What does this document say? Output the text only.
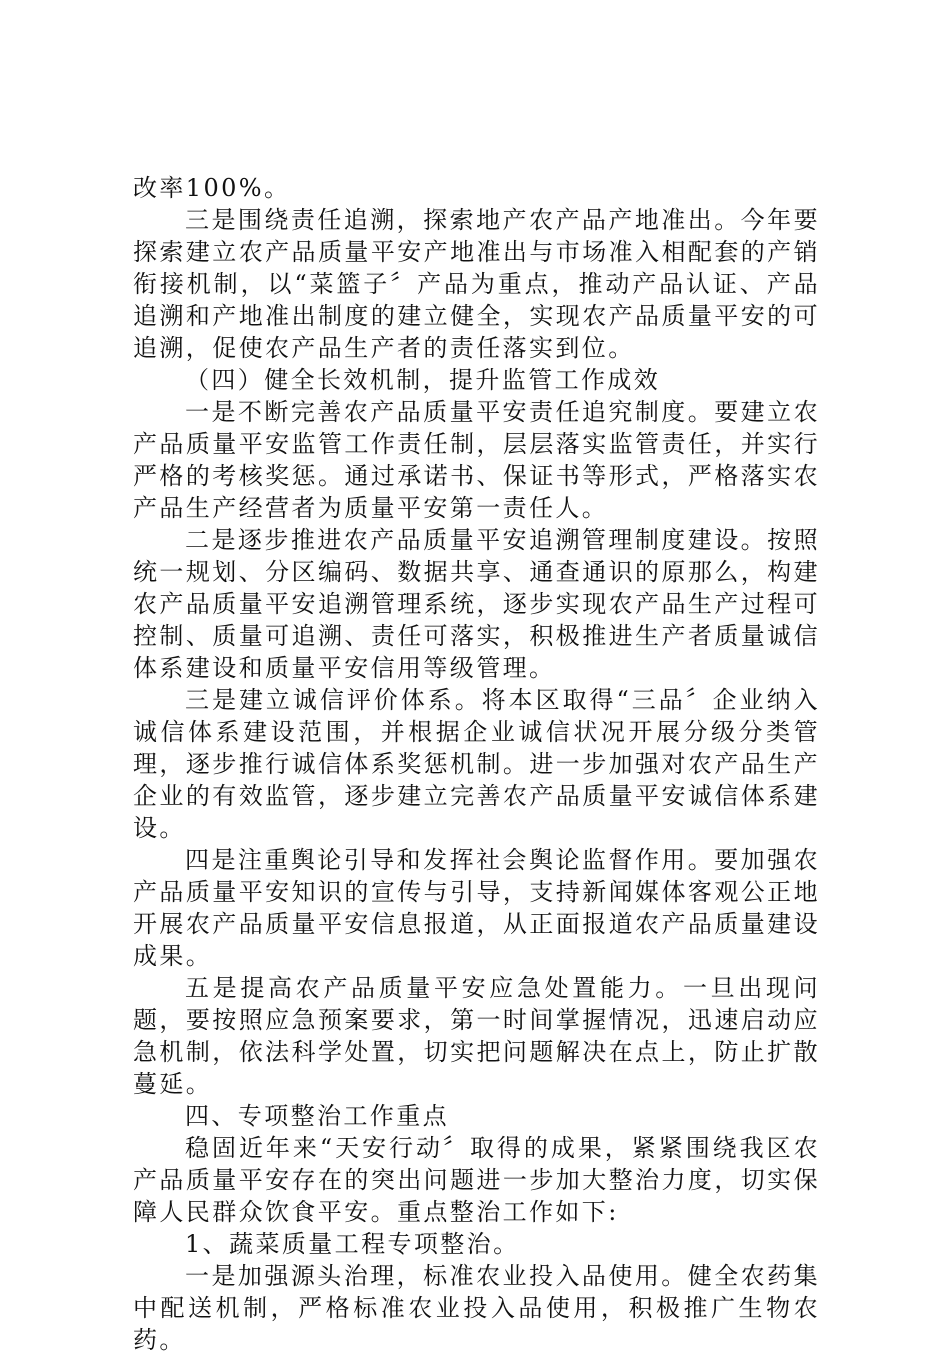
改率100%。

三是围绕责任追溯，探索地产农产品产地准出。今年要探索建立农产品质量平安产地准出与市场准入相配套的产销衔接机制，以“菜篮子〞产品为重点，推动产品认证、产品追溯和产地准出制度的建立健全，实现农产品质量平安的可追溯，促使农产品生产者的责任落实到位。

（四）健全长效机制，提升监管工作成效

一是不断完善农产品质量平安责任追究制度。要建立农产品质量平安监管工作责任制，层层落实监管责任，并实行严格的考核奖惩。通过承诺书、保证书等形式，严格落实农产品生产经营者为质量平安第一责任人。

二是逐步推进农产品质量平安追溯管理制度建设。按照统一规划、分区编码、数据共享、通查通识的原那么，构建农产品质量平安追溯管理系统，逐步实现农产品生产过程可控制、质量可追溯、责任可落实，积极推进生产者质量诚信体系建设和质量平安信用等级管理。

三是建立诚信评价体系。将本区取得“三品〞企业纳入诚信体系建设范围，并根据企业诚信状况开展分级分类管理，逐步推行诚信体系奖惩机制。进一步加强对农产品生产企业的有效监管，逐步建立完善农产品质量平安诚信体系建设。

四是注重舆论引导和发挥社会舆论监督作用。要加强农产品质量平安知识的宣传与引导，支持新闻媒体客观公正地开展农产品质量平安信息报道，从正面报道农产品质量建设成果。

五是提高农产品质量平安应急处置能力。一旦出现问题，要按照应急预案要求，第一时间掌握情况，迅速启动应急机制，依法科学处置，切实把问题解决在点上，防止扩散蔓延。

四、专项整治工作重点

稳固近年来“天安行动〞取得的成果，紧紧围绕我区农产品质量平安存在的突出问题进一步加大整治力度，切实保障人民群众饮食平安。重点整治工作如下:

1、蔬菜质量工程专项整治。

一是加强源头治理，标准农业投入品使用。健全农药集中配送机制，严格标准农业投入品使用，积极推广生物农药。
